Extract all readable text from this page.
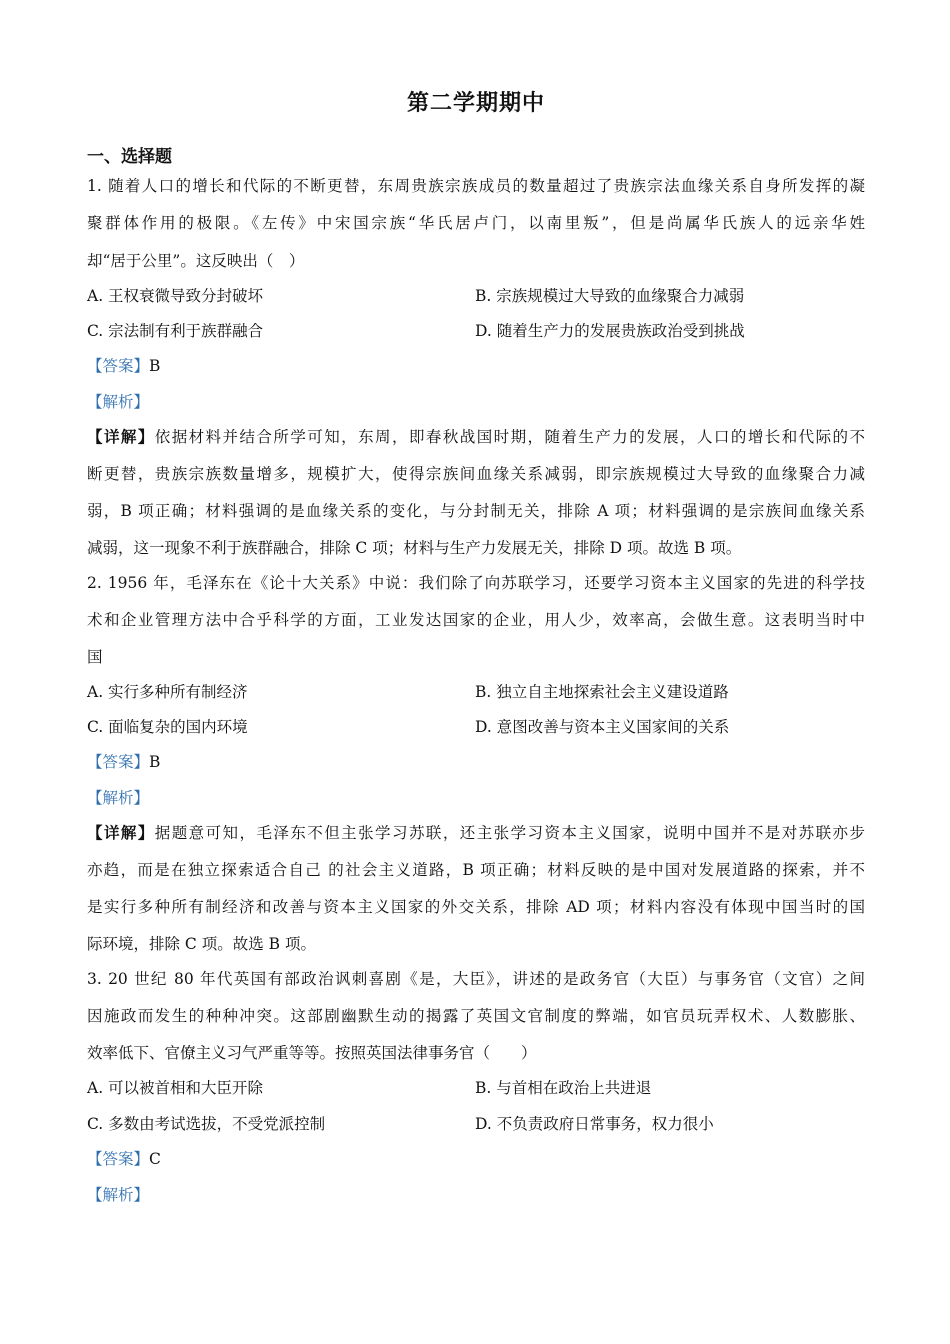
第二学期期中
一、选择题
1. 随着人口的增长和代际的不断更替，东周贵族宗族成员的数量超过了贵族宗法血缘关系自身所发挥的凝
聚群体作用的极限。《左传》中宋国宗族“华氏居卢门，以南里叛”，但是尚属华氏族人的远亲华姓
却“居于公里”。这反映出（　）
A. 王权衰微导致分封破坏	B. 宗族规模过大导致的血缘聚合力减弱
C. 宗法制有利于族群融合	D. 随着生产力的发展贵族政治受到挑战
【答案】B
【解析】
【详解】依据材料并结合所学可知，东周，即春秋战国时期，随着生产力的发展，人口的增长和代际的不
断更替，贵族宗族数量增多，规模扩大，使得宗族间血缘关系减弱，即宗族规模过大导致的血缘聚合力减
弱，B 项正确；材料强调的是血缘关系的变化，与分封制无关，排除 A 项；材料强调的是宗族间血缘关系
减弱，这一现象不利于族群融合，排除 C 项；材料与生产力发展无关，排除 D 项。故选 B 项。
2. 1956 年，毛泽东在《论十大关系》中说：我们除了向苏联学习，还要学习资本主义国家的先进的科学技
术和企业管理方法中合乎科学的方面，工业发达国家的企业，用人少，效率高，会做生意。这表明当时中
国
A. 实行多种所有制经济	B. 独立自主地探索社会主义建设道路
C. 面临复杂的国内环境	D. 意图改善与资本主义国家间的关系
【答案】B
【解析】
【详解】据题意可知，毛泽东不但主张学习苏联，还主张学习资本主义国家，说明中国并不是对苏联亦步
亦趋，而是在独立探索适合自己 的社会主义道路，B 项正确；材料反映的是中国对发展道路的探索，并不
是实行多种所有制经济和改善与资本主义国家的外交关系，排除 AD 项；材料内容没有体现中国当时的国
际环境，排除 C 项。故选 B 项。
3. 20 世纪 80 年代英国有部政治讽刺喜剧《是，大臣》，讲述的是政务官（大臣）与事务官（文官）之间
因施政而发生的种种冲突。这部剧幽默生动的揭露了英国文官制度的弊端，如官员玩弄权术、人数膨胀、
效率低下、官僚主义习气严重等等。按照英国法律事务官（　　）
A. 可以被首相和大臣开除	B. 与首相在政治上共进退
C. 多数由考试选拔，不受党派控制	D. 不负责政府日常事务，权力很小
【答案】C
【解析】
